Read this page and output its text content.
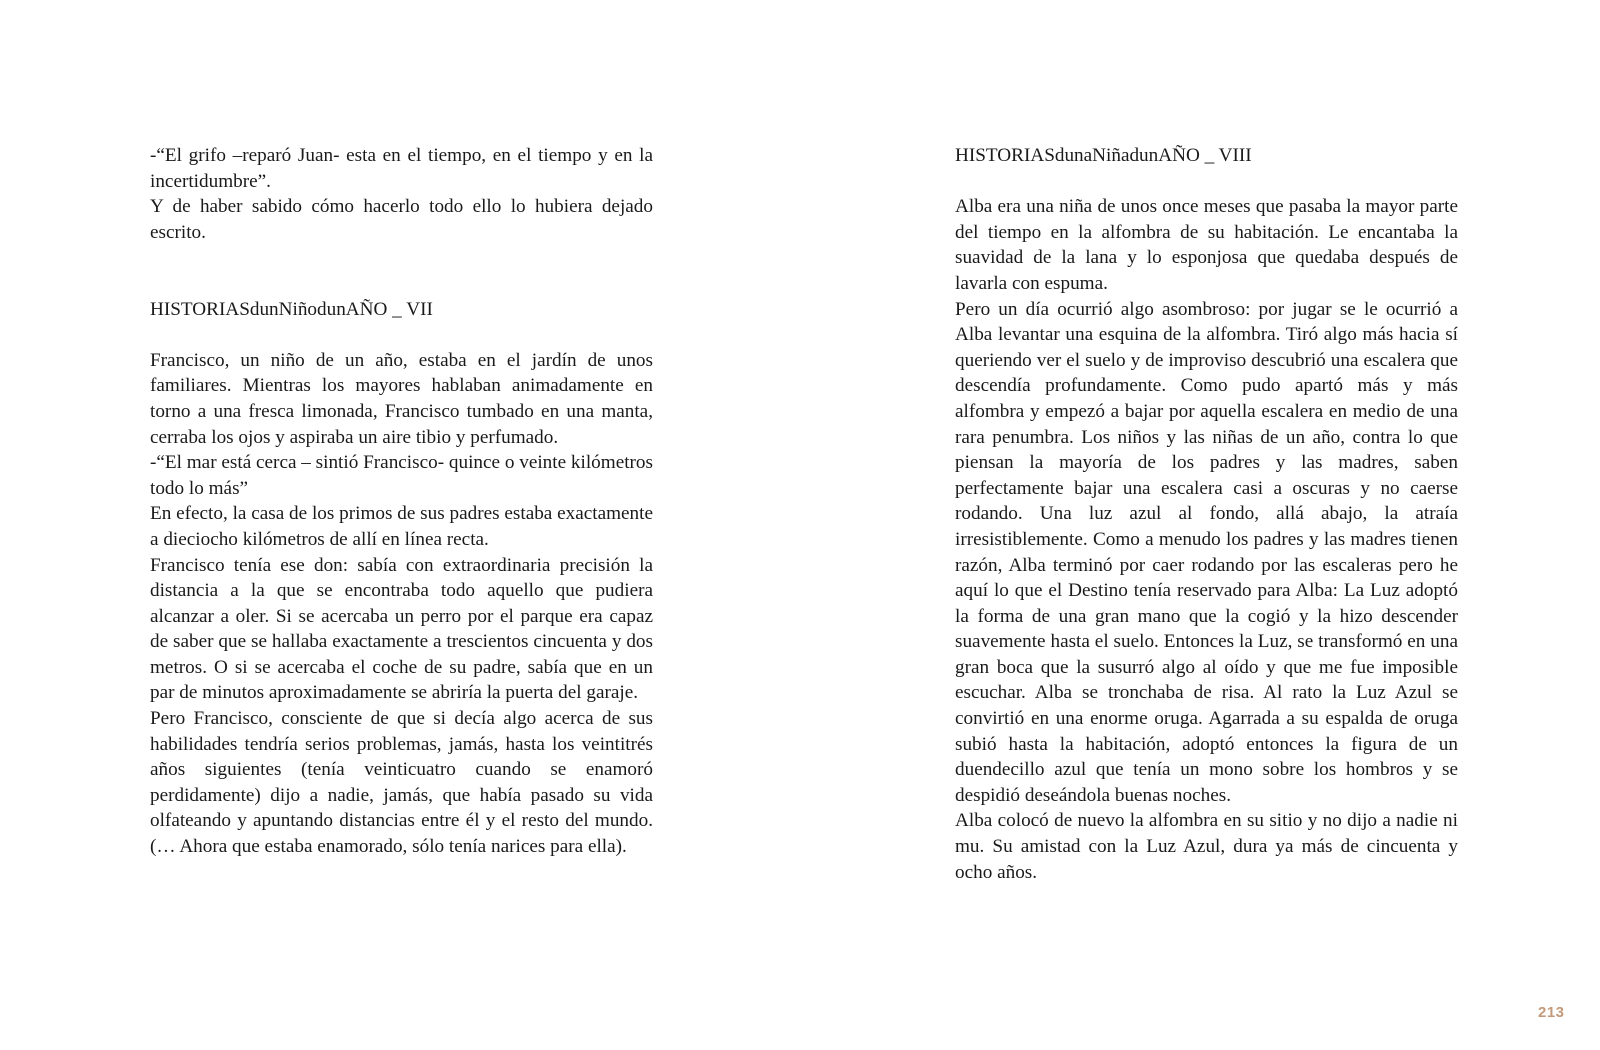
-“El grifo –reparó Juan- esta en el tiempo, en el tiempo y en la incertidumbre”.

Y de haber sabido cómo hacerlo todo ello lo hubiera dejado escrito.

HISTORIASdunNiñodunAÑO _ VII

Francisco, un niño de un año, estaba en el jardín de unos familiares. Mientras los mayores hablaban animadamente en torno a una fresca limonada, Francisco tumbado en una manta, cerraba los ojos y aspiraba un aire tibio y perfumado.

-“El mar está cerca – sintió Francisco- quince o veinte kilómetros todo lo más”

En efecto, la casa de los primos de sus padres estaba exactamente a dieciocho kilómetros de allí en línea recta.

Francisco tenía ese don: sabía con extraordinaria precisión la distancia a la que se encontraba todo aquello que pudiera alcanzar a oler. Si se acercaba un perro por el parque era capaz de saber que se hallaba exactamente a trescientos cincuenta y dos metros. O si se acercaba el coche de su padre, sabía que en un par de minutos aproximadamente se abriría la puerta del garaje.

Pero Francisco, consciente de que si decía algo acerca de sus habilidades tendría serios problemas, jamás, hasta los veintitrés años siguientes (tenía veinticuatro cuando se enamoró perdidamente) dijo a nadie, jamás, que había pasado su vida olfateando y apuntando distancias entre él y el resto del mundo. (… Ahora que estaba enamorado, sólo tenía narices para ella).

HISTORIASdunaNiñadunAÑO _ VIII

Alba era una niña de unos once meses que pasaba la mayor parte del tiempo en la alfombra de su habitación. Le encantaba la suavidad de la lana y lo esponjosa que quedaba después de lavarla con espuma.

Pero un día ocurrió algo asombroso: por jugar se le ocurrió a Alba levantar una esquina de la alfombra. Tiró algo más hacia sí queriendo ver el suelo y de improviso descubrió una escalera que descendía profundamente. Como pudo apartó más y más alfombra y empezó a bajar por aquella escalera en medio de una rara penumbra. Los niños y las niñas de un año, contra lo que piensan la mayoría de los padres y las madres, saben perfectamente bajar una escalera casi a oscuras y no caerse rodando. Una luz azul al fondo, allá abajo, la atraía irresistiblemente. Como a menudo los padres y las madres tienen razón, Alba terminó por caer rodando por las escaleras pero he aquí lo que el Destino tenía reservado para Alba: La Luz adoptó la forma de una gran mano que la cogió y la hizo descender suavemente hasta el suelo. Entonces la Luz, se transformó en una gran boca que la susurró algo al oído y que me fue imposible escuchar. Alba se tronchaba de risa. Al rato la Luz Azul se convirtió en una enorme oruga. Agarrada a su espalda de oruga subió hasta la habitación, adoptó entonces la figura de un duendecillo azul que tenía un mono sobre los hombros y se despidió deseándola buenas noches.

Alba colocó de nuevo la alfombra en su sitio y no dijo a nadie ni mu. Su amistad con la Luz Azul, dura ya más de cincuenta y ocho años.

213
